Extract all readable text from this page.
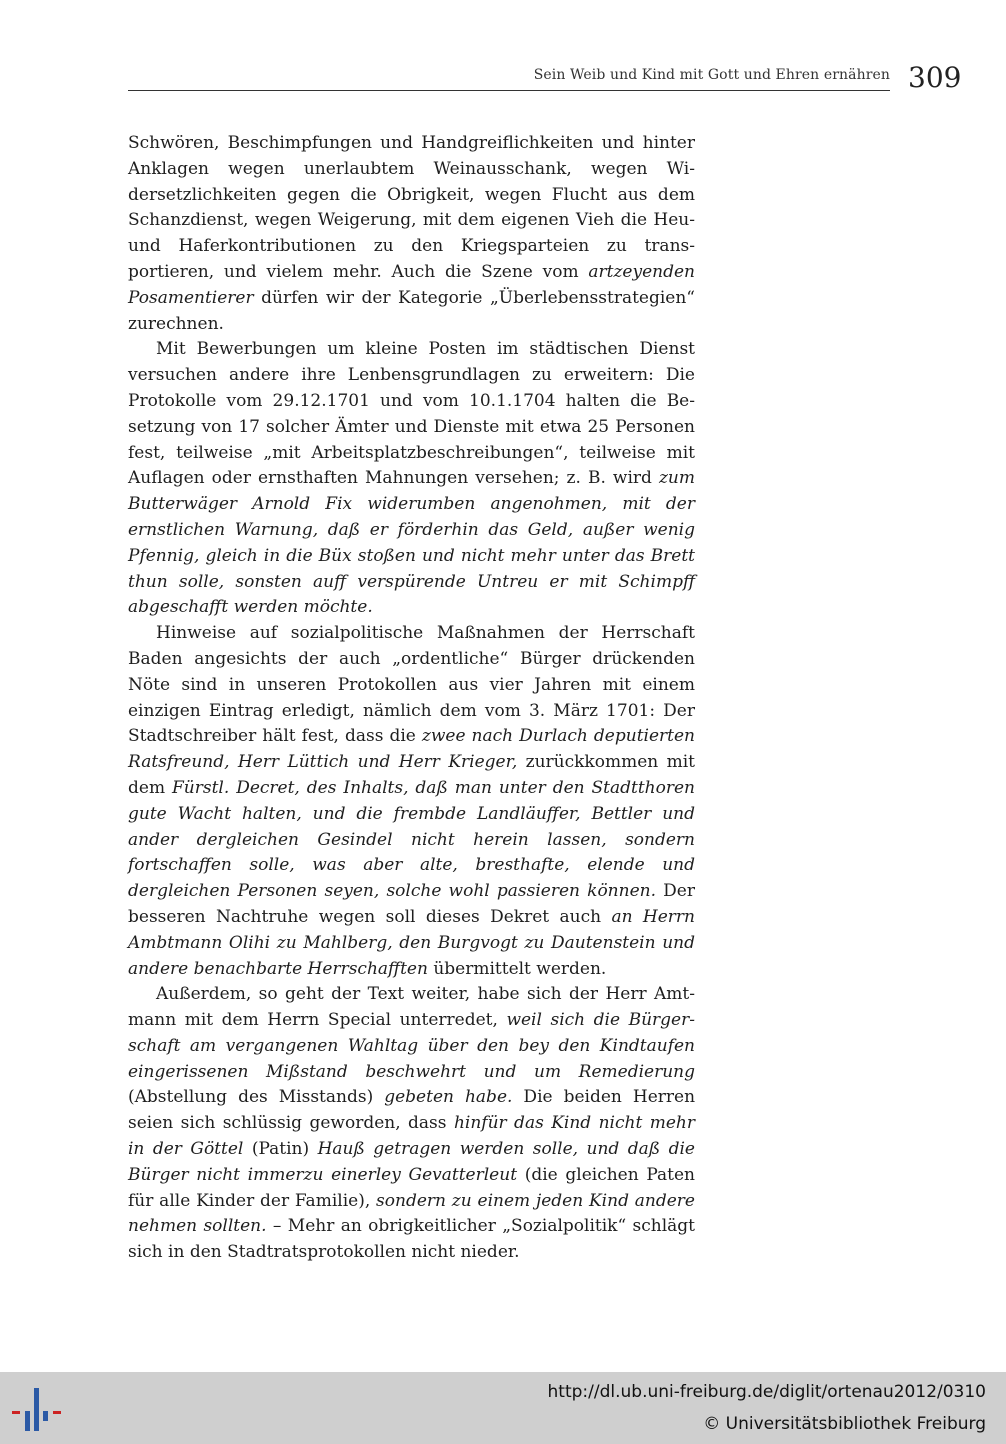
Sein Weib und Kind mit Gott und Ehren ernähren 309

Schwören, Beschimpfungen und Handgreiflichkeiten und hinter Anklagen wegen unerlaubtem Weinausschank, wegen Widersetzlichkeiten gegen die Obrigkeit, wegen Flucht aus dem Schanzdienst, wegen Weigerung, mit dem eigenen Vieh die Heu- und Haferkontributionen zu den Kriegsparteien zu transportieren, und vielem mehr. Auch die Szene vom artzeyenden Posamentierer dürfen wir der Kategorie „Überlebensstrategien“ zurechnen.

Mit Bewerbungen um kleine Posten im städtischen Dienst versuchen andere ihre Lenbensgrundlagen zu erweitern: Die Protokolle vom 29.12.1701 und vom 10.1.1704 halten die Besetzung von 17 solcher Ämter und Dienste mit etwa 25 Personen fest, teilweise „mit Arbeitsplatzbeschreibungen“, teilweise mit Auflagen oder ernsthaften Mahnungen versehen; z. B. wird zum Butterwäger Arnold Fix widerumben angenohmen, mit der ernstlichen Warnung, daß er förderhin das Geld, außer wenig Pfennig, gleich in die Büx stoßen und nicht mehr unter das Brett thun solle, sonsten auff verspürende Untreu er mit Schimpff abgeschafft werden möchte.

Hinweise auf sozialpolitische Maßnahmen der Herrschaft Baden angesichts der auch „ordentliche“ Bürger drückenden Nöte sind in unseren Protokollen aus vier Jahren mit einem einzigen Eintrag erledigt, nämlich dem vom 3. März 1701: Der Stadtschreiber hält fest, dass die zwee nach Durlach deputierten Ratsfreund, Herr Lüttich und Herr Krieger, zurückkommen mit dem Fürstl. Decret, des Inhalts, daß man unter den Stadtthoren gute Wacht halten, und die frembde Landläuffer, Bettler und ander dergleichen Gesindel nicht herein lassen, sondern fortschaffen solle, was aber alte, bresthafte, elende und dergleichen Personen seyen, solche wohl passieren können. Der besseren Nachtruhe wegen soll dieses Dekret auch an Herrn Ambtmann Olihi zu Mahlberg, den Burgvogt zu Dautenstein und andere benachbarte Herrschafften übermittelt werden.

Außerdem, so geht der Text weiter, habe sich der Herr Amtmann mit dem Herrn Special unterredet, weil sich die Bürgerschaft am vergangenen Wahltag über den bey den Kindtaufen eingerissenen Mißstand beschwehrt und um Remedierung (Abstellung des Misstands) gebeten habe. Die beiden Herren seien sich schlüssig geworden, dass hinfür das Kind nicht mehr in der Göttel (Patin) Hauß getragen werden solle, und daß die Bürger nicht immerzu einerley Gevatterleut (die gleichen Paten für alle Kinder der Familie), sondern zu einem jeden Kind andere nehmen sollten. – Mehr an obrigkeitlicher „Sozialpolitik“ schlägt sich in den Stadtratsprotokollen nicht nieder.

http://dl.ub.uni-freiburg.de/diglit/ortenau2012/0310
© Universitätsbibliothek Freiburg
